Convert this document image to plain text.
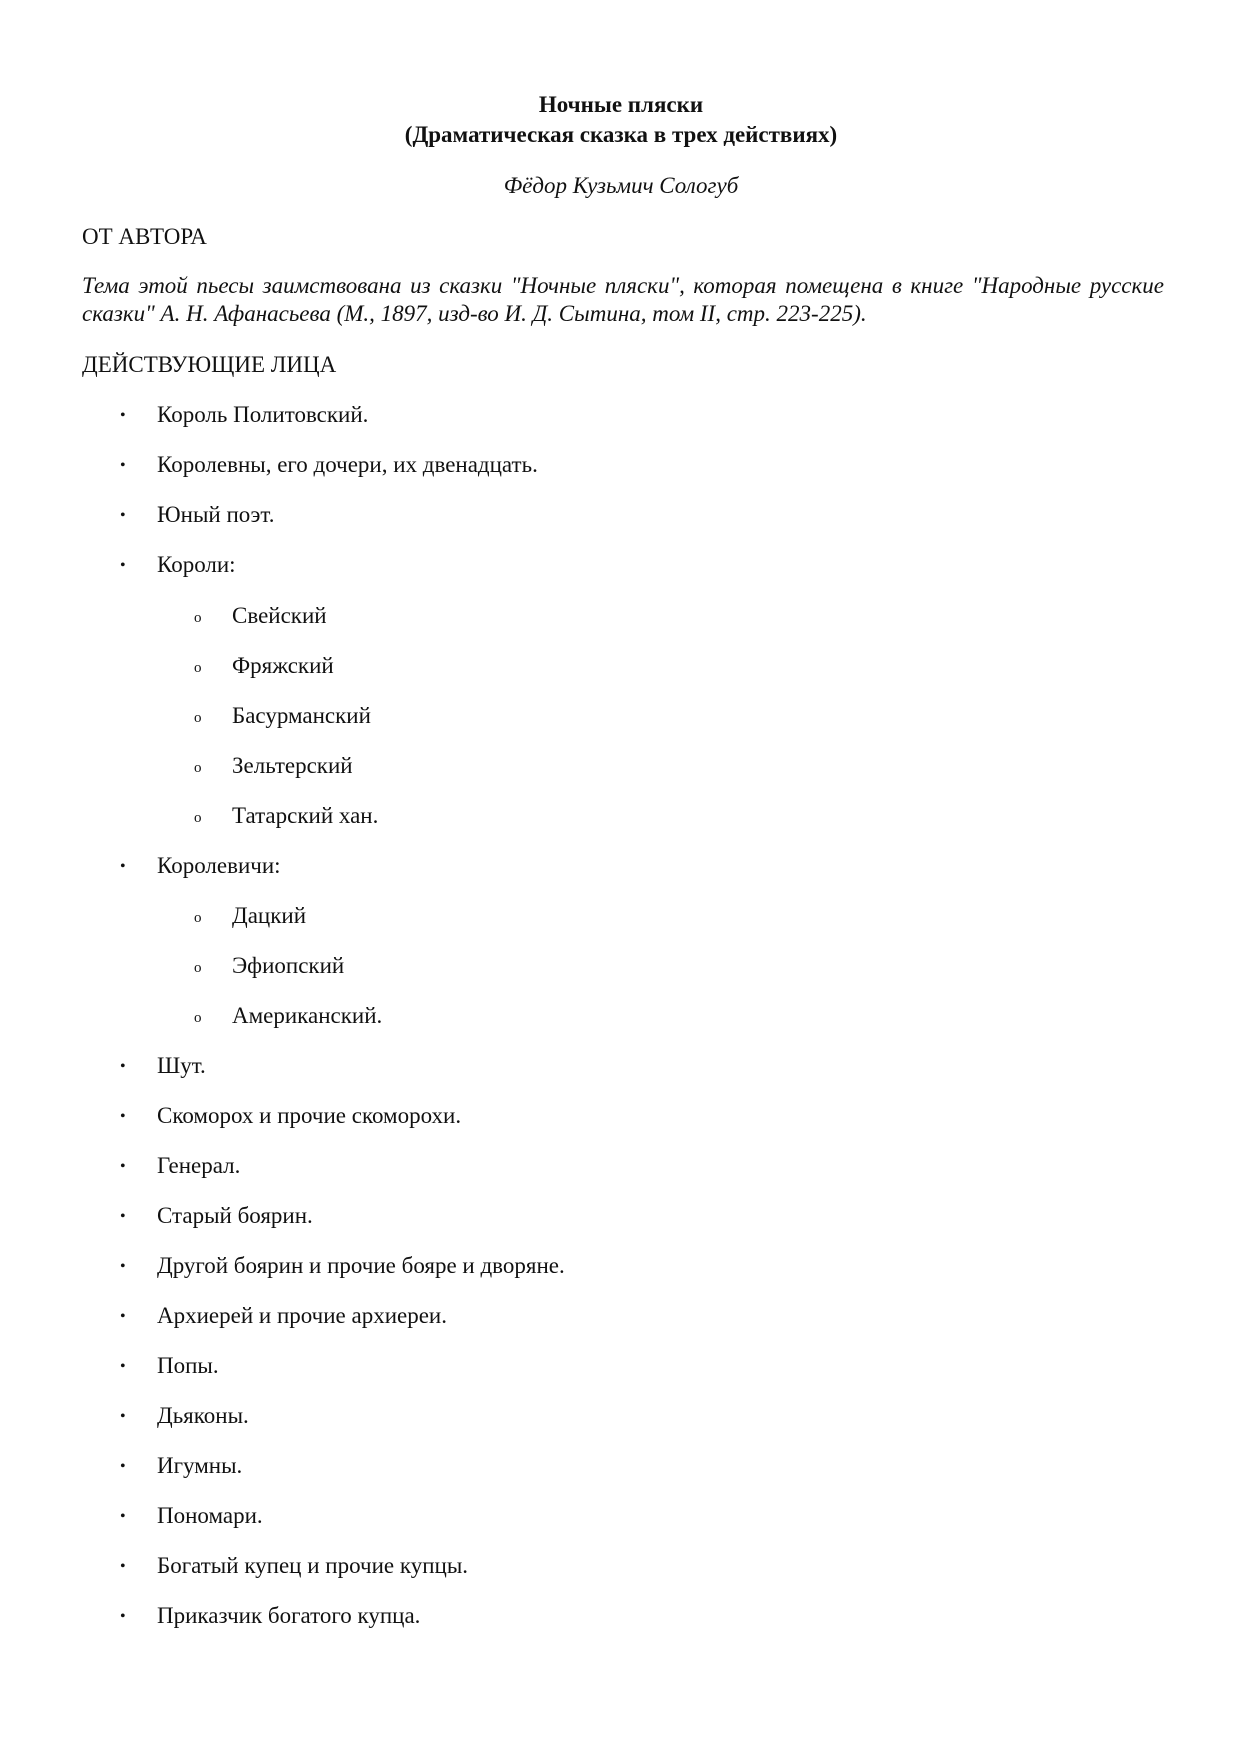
Ночные пляски
(Драматическая сказка в трех действиях)

Фёдор Кузьмич Сологуб

ОТ АВТОРА

Тема этой пьесы заимствована из сказки "Ночные пляски", которая помещена в книге "Народные русские сказки" А. Н. Афанасьева (М., 1897, изд-во И. Д. Сытина, том II, стр. 223-225).

ДЕЙСТВУЮЩИЕ ЛИЦА
• Король Политовский.
• Королевны, его дочери, их двенадцать.
• Юный поэт.
• Короли:
o Свейский
o Фряжский
o Басурманский
o Зельтерский
o Татарский хан.
• Королевичи:
o Дацкий
o Эфиопский
o Американский.
• Шут.
• Скоморох и прочие скоморохи.
• Генерал.
• Старый боярин.
• Другой боярин и прочие бояре и дворяне.
• Архиерей и прочие архиереи.
• Попы.
• Дьяконы.
• Игумны.
• Пономари.
• Богатый купец и прочие купцы.
• Приказчик богатого купца.
